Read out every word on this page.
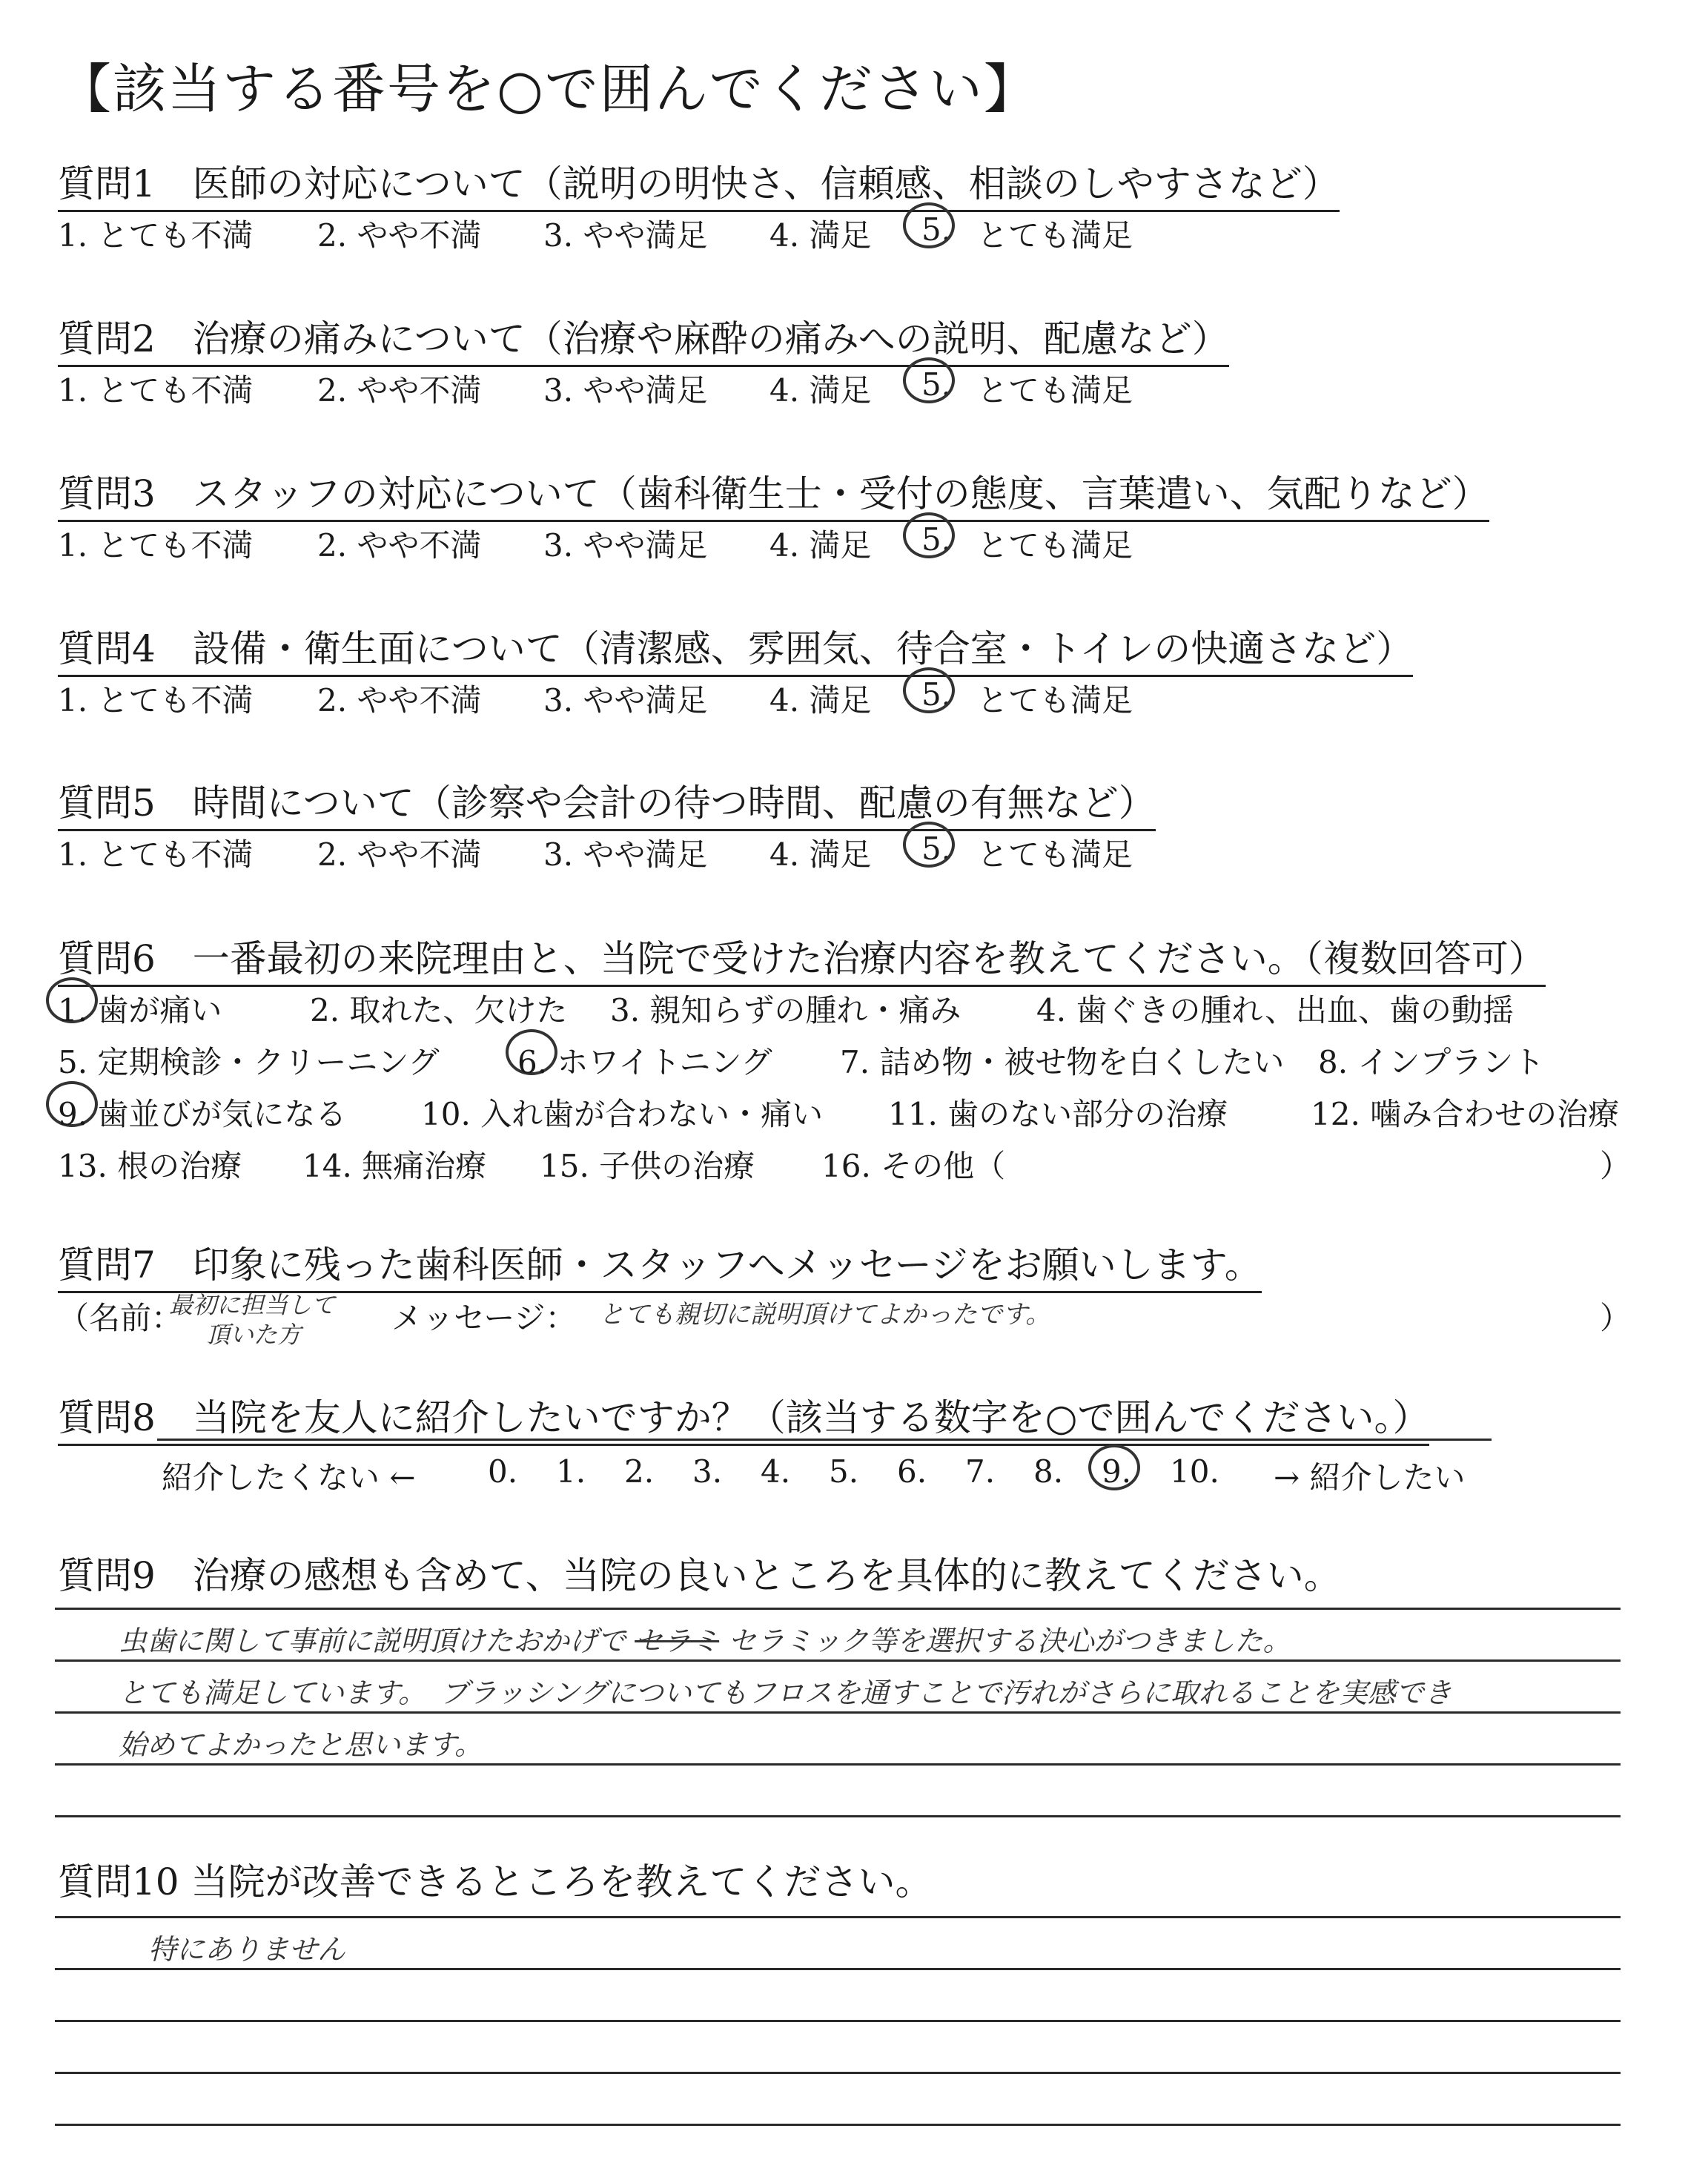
【該当する番号を○で囲んでください】
質問1　医師の対応について（説明の明快さ、信頼感、相談のしやすさなど）
1. とても不満 2. やや不満 3. やや満足 4. 満足 5. とても満足
質問2　治療の痛みについて（治療や麻酔の痛みへの説明、配慮など）
1. とても不満 2. やや不満 3. やや満足 4. 満足 5. とても満足
質問3　スタッフの対応について（歯科衛生士・受付の態度、言葉遣い、気配りなど）
1. とても不満 2. やや不満 3. やや満足 4. 満足 5. とても満足
質問4　設備・衛生面について（清潔感、雰囲気、待合室・トイレの快適さなど）
1. とても不満 2. やや不満 3. やや満足 4. 満足 5. とても満足
質問5　時間について（診察や会計の待つ時間、配慮の有無など）
1. とても不満 2. やや不満 3. やや満足 4. 満足 5. とても満足
質問6　一番最初の来院理由と、当院で受けた治療内容を教えてください。（複数回答可）
1. 歯が痛い	2. 取れた、欠けた 3. 親知らずの腫れ・痛み 4. 歯ぐきの腫れ、出血、歯の動揺
5. 定期検診・クリーニング	6. ホワイトニング 7. 詰め物・被せ物を白くしたい 8. インプラント
9. 歯並びが気になる 10. 入れ歯が合わない・痛い 11. 歯のない部分の治療	12. 噛み合わせの治療
13. 根の治療 14. 無痛治療 15. 子供の治療 16. その他（	）
質問7　印象に残った歯科医師・スタッフへメッセージをお願いします。
（名前：
最初に担当して
頂いた方	メッセージ： とても親切に説明頂けてよかったです。	）
質問8　当院を友人に紹介したいですか？（該当する数字を○で囲んでください。）
紹介したくない ← 0. 1. 2. 3. 4. 5. 6. 7. 8. 9. 10. → 紹介したい
質問9　治療の感想も含めて、当院の良いところを具体的に教えてください。
虫歯に関して事前に説明頂けたおかげで セラミ セラミック等を選択する決心がつきました。
とても満足しています。　ブラッシングについてもフロスを通すことで汚れがさらに取れることを実感でき
始めてよかったと思います。
質問10 当院が改善できるところを教えてください。
特にありません
